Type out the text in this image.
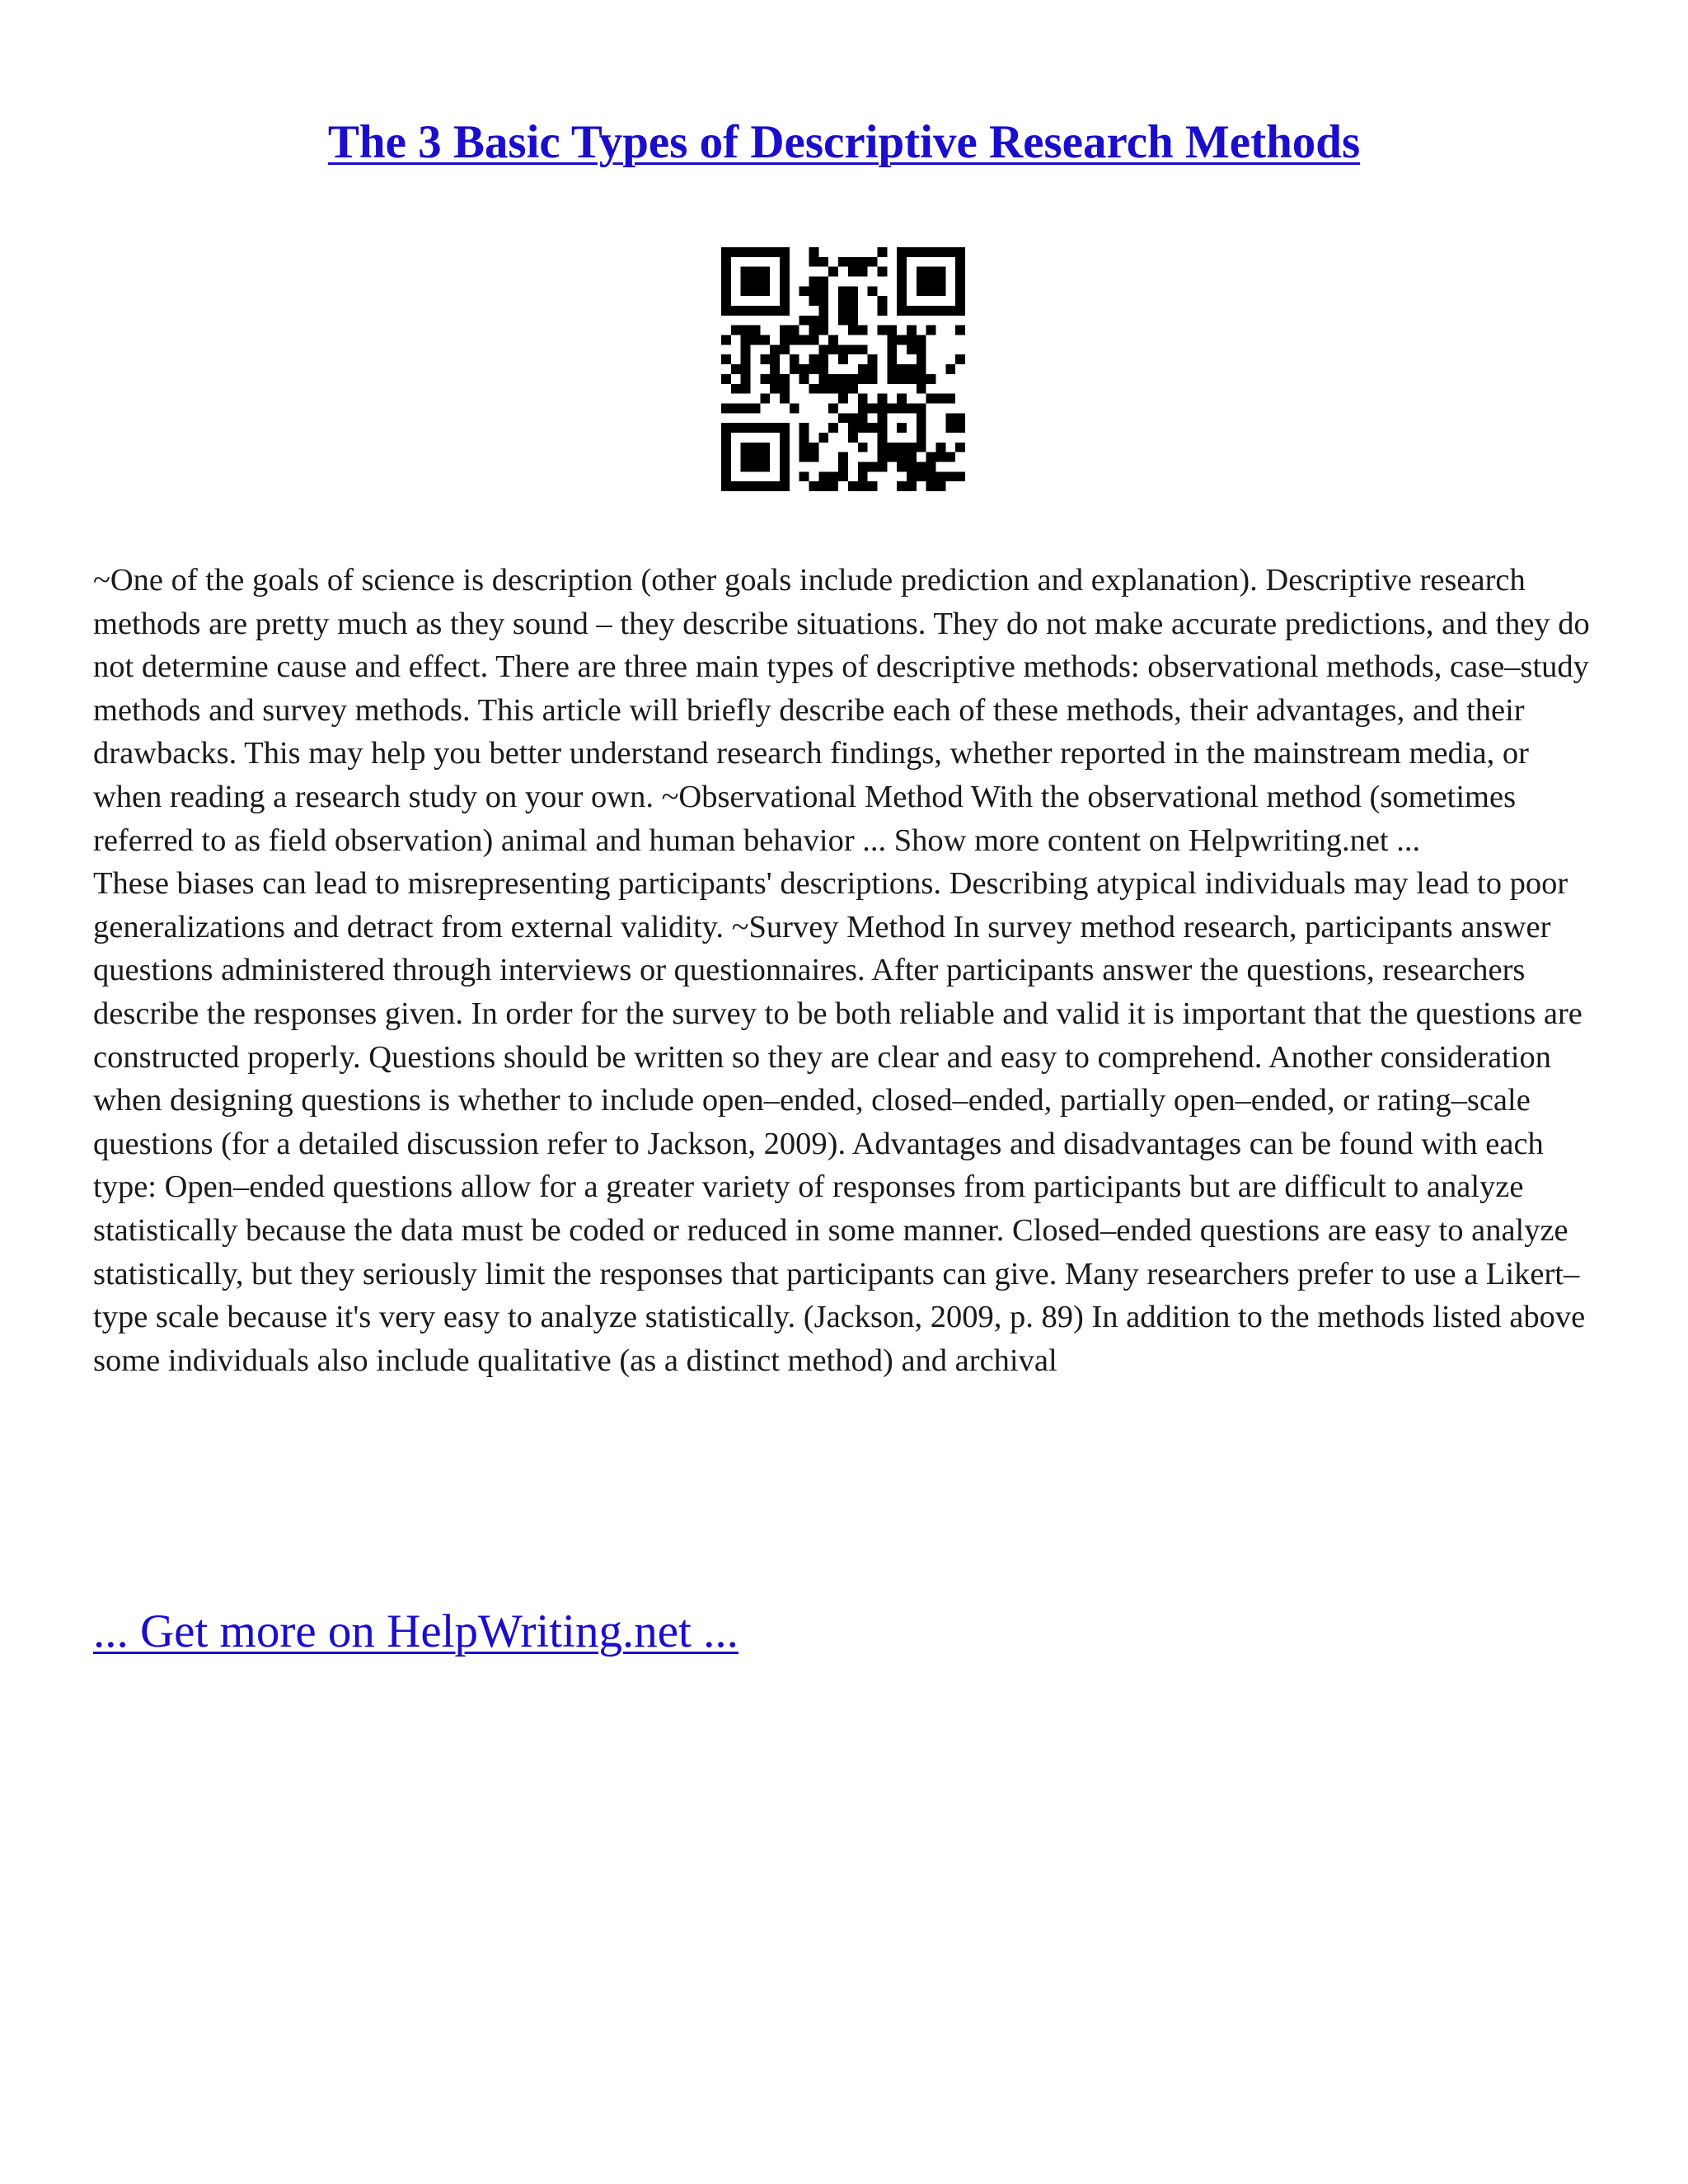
The 3 Basic Types of Descriptive Research Methods

~One of the goals of science is description (other goals include prediction and explanation). Descriptive research methods are pretty much as they sound – they describe situations. They do not make accurate predictions, and they do not determine cause and effect. There are three main types of descriptive methods: observational methods, case–study methods and survey methods. This article will briefly describe each of these methods, their advantages, and their drawbacks. This may help you better understand research findings, whether reported in the mainstream media, or when reading a research study on your own. ~Observational Method With the observational method (sometimes referred to as field observation) animal and human behavior ... Show more content on Helpwriting.net ...

These biases can lead to misrepresenting participants' descriptions. Describing atypical individuals may lead to poor generalizations and detract from external validity. ~Survey Method In survey method research, participants answer questions administered through interviews or questionnaires. After participants answer the questions, researchers describe the responses given. In order for the survey to be both reliable and valid it is important that the questions are constructed properly. Questions should be written so they are clear and easy to comprehend. Another consideration when designing questions is whether to include open–ended, closed–ended, partially open–ended, or rating–scale questions (for a detailed discussion refer to Jackson, 2009). Advantages and disadvantages can be found with each type: Open–ended questions allow for a greater variety of responses from participants but are difficult to analyze statistically because the data must be coded or reduced in some manner. Closed–ended questions are easy to analyze statistically, but they seriously limit the responses that participants can give. Many researchers prefer to use a Likert–type scale because it's very easy to analyze statistically. (Jackson, 2009, p. 89) In addition to the methods listed above some individuals also include qualitative (as a distinct method) and archival

... Get more on HelpWriting.net ...
